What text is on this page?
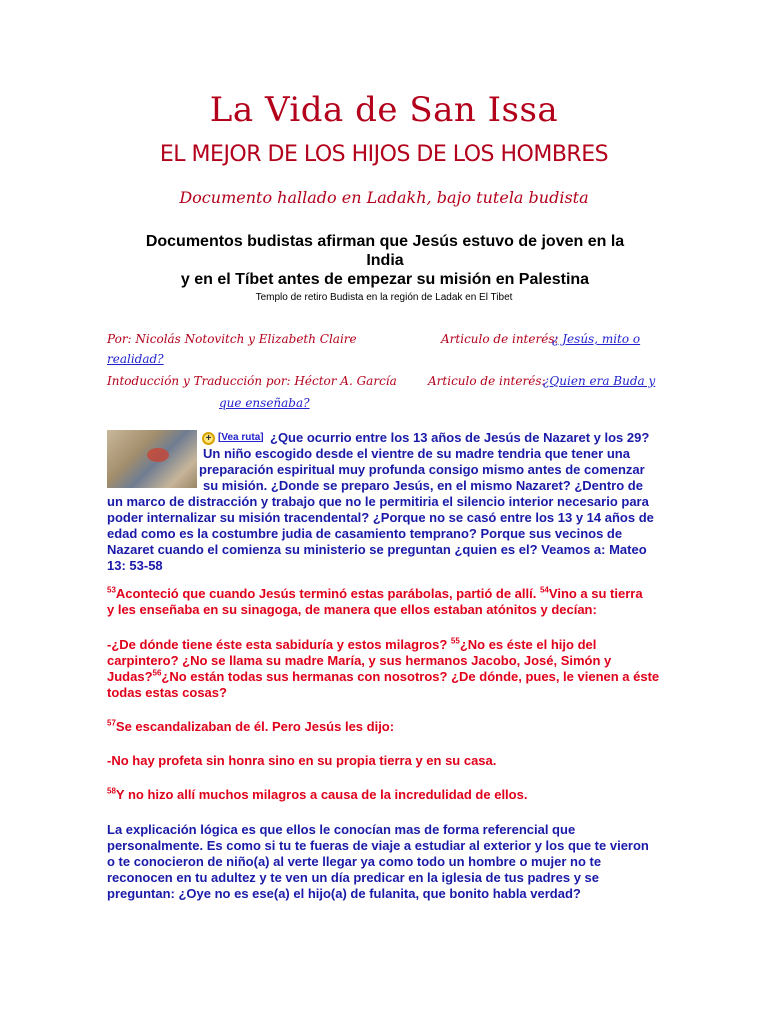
La Vida de San Issa
EL MEJOR DE LOS HIJOS DE LOS HOMBRES
Documento hallado en Ladakh, bajo tutela budista
Documentos budistas afirman que Jesús estuvo de joven en la
India
y en el Tíbet antes de empezar su misión en Palestina
Templo de retiro Budista en la región de Ladak en El Tibet
Por: Nicolás Notovitch y Elizabeth Claire	Articulo de interés:
¿ Jesús, mito o
realidad?
Intoducción y Traducción por: Héctor A. García	Articulo de interés:
¿Quien era Buda y
que enseñaba?
+ [Vea ruta] ¿Que ocurrio entre los 13 años de Jesús de Nazaret y los 29?
Un niño escogido desde el vientre de su madre tendria que tener una
preparación espiritual muy profunda consigo mismo antes de comenzar
su misión. ¿Donde se preparo Jesús, en el mismo Nazaret? ¿Dentro de
un marco de distracción y trabajo que no le permitiria el silencio interior necesario para
poder internalizar su misión tracendental? ¿Porque no se casó entre los 13 y 14 años de
edad como es la costumbre judia de casamiento temprano? Porque sus vecinos de
Nazaret cuando el comienza su ministerio se preguntan ¿quien es el? Veamos a: Mateo
13: 53-58
$^{53}$Aconteció que cuando Jesús terminó estas parábolas, partió de allí. $^{54}$Vino a su tierra
y les enseñaba en su sinagoga, de manera que ellos estaban atónitos y decían:
-¿De dónde tiene éste esta sabiduría y estos milagros? $^{55}$¿No es éste el hijo del
carpintero? ¿No se llama su madre María, y sus hermanos Jacobo, José, Simón y
Judas?$^{56}$¿No están todas sus hermanas con nosotros? ¿De dónde, pues, le vienen a éste
todas estas cosas?
$^{57}$Se escandalizaban de él. Pero Jesús les dijo:
-No hay profeta sin honra sino en su propia tierra y en su casa.
$^{58}$Y no hizo allí muchos milagros a causa de la incredulidad de ellos.
La explicación lógica es que ellos le conocían mas de forma referencial que
personalmente. Es como si tu te fueras de viaje a estudiar al exterior y los que te vieron
o te conocieron de niño(a) al verte llegar ya como todo un hombre o mujer no te
reconocen en tu adultez y te ven un día predicar en la iglesia de tus padres y se
preguntan: ¿Oye no es ese(a) el hijo(a) de fulanita, que bonito habla verdad?
